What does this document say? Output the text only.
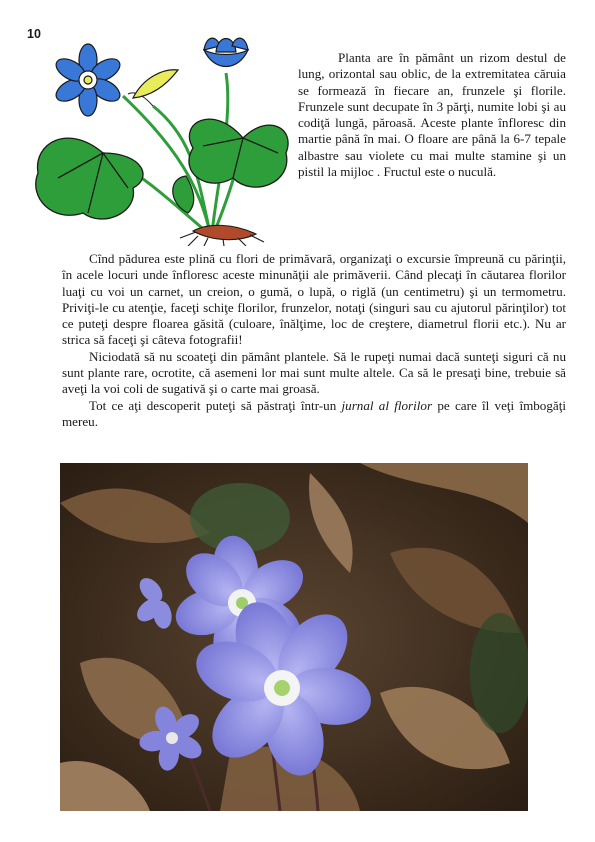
10

Planta are în pământ un rizom destul de lung, orizontal sau oblic, de la extremitatea căruia se formează în fiecare an, frunzele şi florile. Frunzele sunt decupate în 3 părţi, numite lobi şi au codiţă lungă, păroasă. Aceste plante înfloresc din martie până în mai. O floare are până la 6-7 tepale albastre sau violete cu mai multe stamine şi un pistil la mijloc . Fructul este o nuculă.

Cînd pădurea este plină cu flori de primăvară, organizaţi o excursie împreună cu părinţii, în acele locuri unde înfloresc aceste minunăţii ale primăverii. Când plecaţi în căutarea florilor luaţi cu voi un carnet, un creion, o gumă, o lupă, o riglă (un centimetru) şi un termometru. Priviţi-le cu atenţie, faceţi schiţe florilor, frunzelor, notaţi (singuri sau cu ajutorul părinţilor) tot ce puteţi despre floarea găsită (culoare, înălţime, loc de creştere, diametrul florii etc.). Nu ar strica să faceţi şi câteva fotografii!

Niciodată să nu scoateţi din pământ plantele. Să le rupeţi numai dacă sunteţi siguri că nu sunt plante rare, ocrotite, că asemeni lor mai sunt multe altele. Ca să le presaţi bine, trebuie să aveţi la voi coli de sugativă şi o carte mai groasă.

Tot ce aţi descoperit puteţi să păstraţi într-un jurnal al florilor pe care îl veţi îmbogăţi mereu.
